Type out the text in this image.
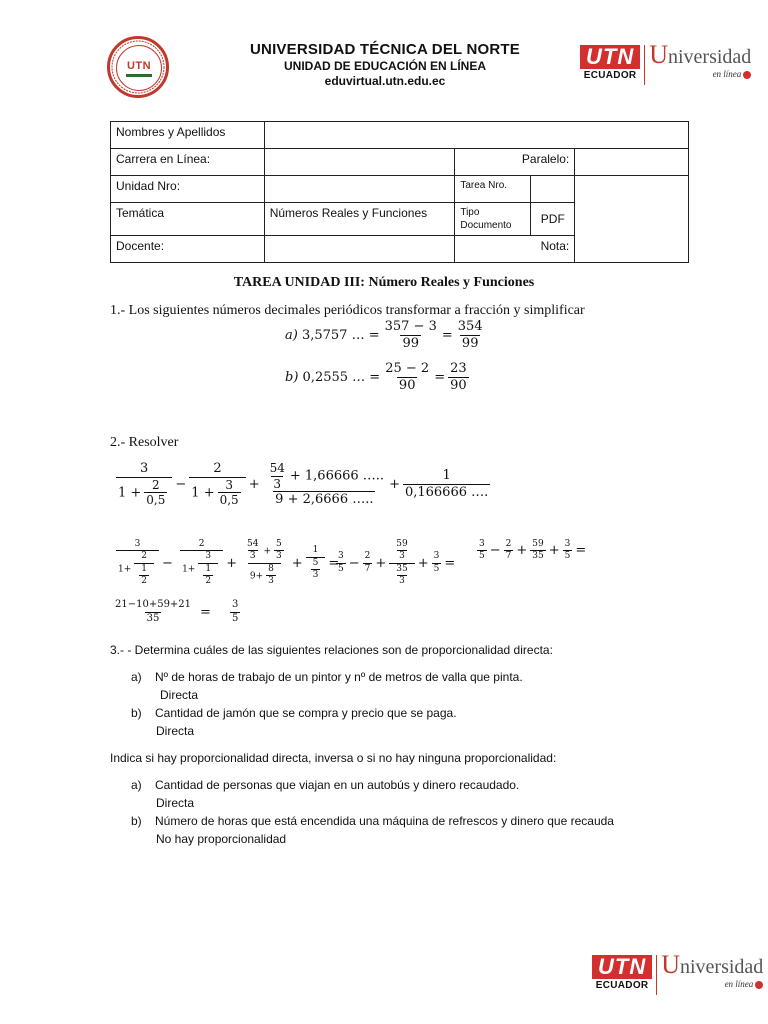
UTN
UNIVERSIDAD TÉCNICA DEL NORTE
UNIDAD DE EDUCACIÓN EN LÍNEA
eduvirtual.utn.edu.ec
UTN
ECUADOR
Universidad
en línea
Nombres y Apellidos				
Carrera en Línea:		Paralelo:		
Unidad Nro:		Tarea Nro.		
Temática	Números Reales y Funciones	Tipo Documento	PDF	
Docente:		Nota:		
TAREA UNIDAD III: Número Reales y Funciones
1.- Los siguientes números decimales periódicos transformar a fracción y simplificar
a)
3,5757 … = $\frac{357 - 3}{99} = \frac{354}{99}$
b)
0,2555 … = $\frac{25 - 2}{90} = \frac{23}{90}$
2.- Resolver
$\frac{3}{1 + \frac{2}{0,5}} - \frac{2}{1 + \frac{3}{0,5}} + \frac{\frac{54}{3} + 1,66666 \dots..}{9 + 2,6666 \dots..} + \frac{1}{0,166666 \dots.}$
$\frac{3}{1+ \frac{2}{\frac{1}{2}}}$ −
$\frac{2}{1+ \frac{3}{\frac{1}{2}}} + \frac{\frac{54}{3} + \frac{5}{3}}{9+ \frac{8}{3}} + \frac{1}{\frac{5}{3}}$ =
$\frac{3}{5} - \frac{2}{7} + \frac{\frac{59}{3}}{\frac{35}{3}} + \frac{3}{5}$ =
$\frac{3}{5} - \frac{2}{7} + \frac{59}{35} + \frac{3}{5}$ =
$\frac{21-10+59+21}{35} = \frac{3}{5}$
3.- - Determina cuáles de las siguientes relaciones son de proporcionalidad directa:
a) Nº de horas de trabajo de un pintor y nº de metros de valla que pinta.
Directa
b) Cantidad de jamón que se compra y precio que se paga.
Directa
Indica si hay proporcionalidad directa, inversa o si no hay ninguna proporcionalidad:
a) Cantidad de personas que viajan en un autobús y dinero recaudado.
Directa
b) Número de horas que está encendida una máquina de refrescos y dinero que recauda
No hay proporcionalidad
UTN
ECUADOR
Universidad
en línea
